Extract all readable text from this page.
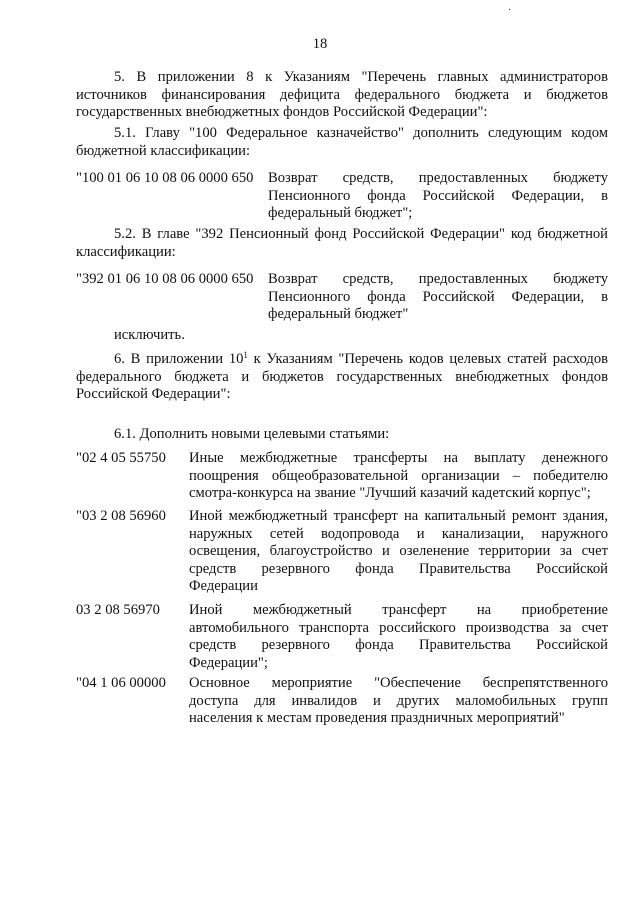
·
18

5. В приложении 8 к Указаниям "Перечень главных администраторов источников финансирования дефицита федерального бюджета и бюджетов государственных внебюджетных фондов Российской Федерации":

5.1. Главу "100 Федеральное казначейство" дополнить следующим кодом бюджетной классификации:

"100 01 06 10 08 06 0000 650 Возврат средств, предоставленных бюджету
Пенсионного фонда Российской Федерации, в
федеральный бюджет";

5.2. В главе "392 Пенсионный фонд Российской Федерации" код бюджетной классификации:

"392 01 06 10 08 06 0000 650 Возврат средств, предоставленных бюджету
Пенсионного фонда Российской Федерации, в
федеральный бюджет"

исключить.

6. В приложении $10^1$ к Указаниям "Перечень кодов целевых статей расходов федерального бюджета и бюджетов государственных внебюджетных фондов Российской Федерации":

6.1. Дополнить новыми целевыми статьями:

"02 4 05 55750	Иные межбюджетные трансферты на выплату денежного
поощрения общеобразовательной организации – победителю
смотра-конкурса на звание "Лучший казачий кадетский корпус";
"03 2 08 56960	Иной межбюджетный трансферт на капитальный ремонт здания,
наружных сетей водопровода и канализации, наружного
освещения, благоустройство и озеленение территории за счет
средств резервного фонда Правительства Российской
Федерации
03 2 08 56970	Иной межбюджетный трансферт на приобретение
автомобильного транспорта российского производства за счет
средств резервного фонда Правительства Российской
Федерации";
"04 1 06 00000	Основное мероприятие "Обеспечение беспрепятственного
доступа для инвалидов и других маломобильных групп
населения к местам проведения праздничных мероприятий"
